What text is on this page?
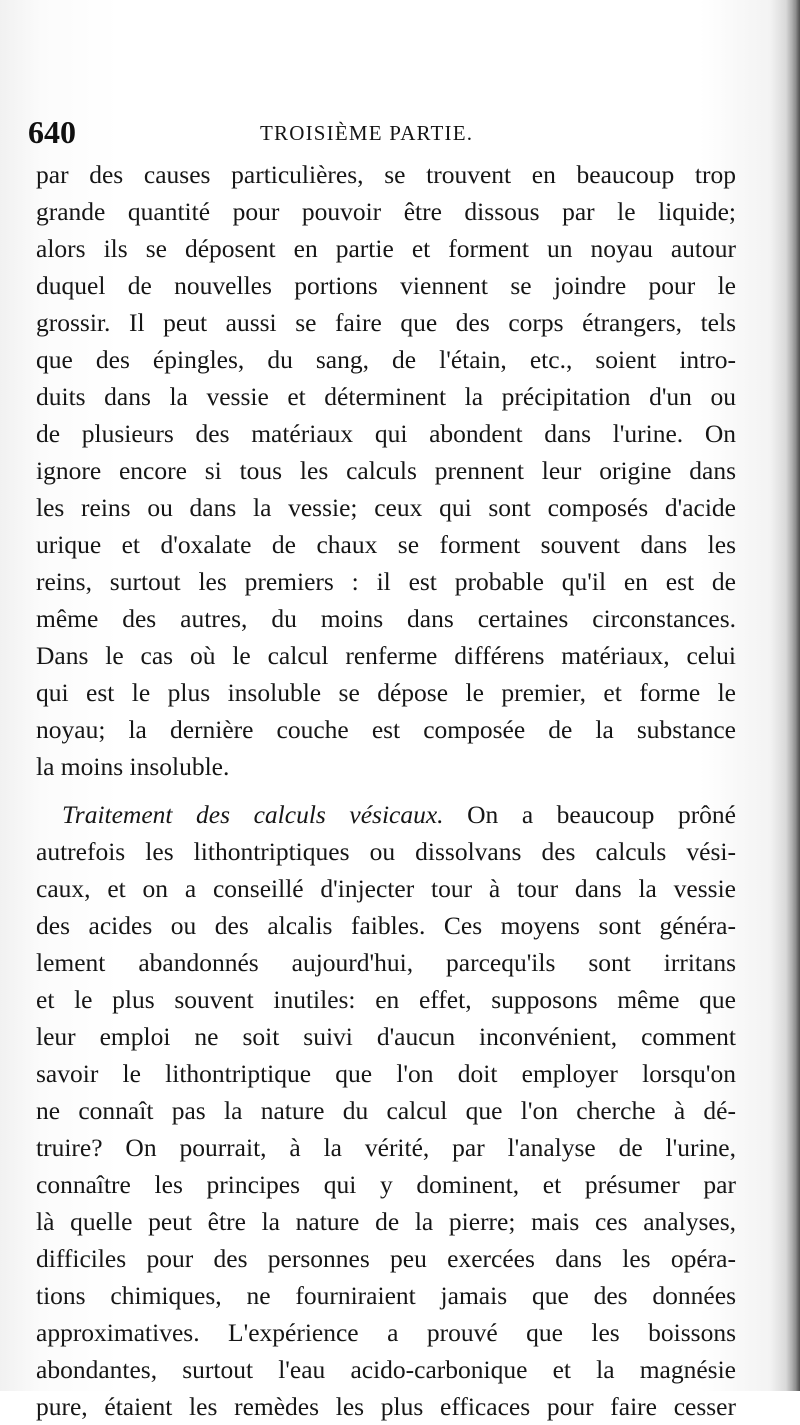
640	TROISIÈME PARTIE.
par des causes particulières, se trouvent en beaucoup trop
grande quantité pour pouvoir être dissous par le liquide;
alors ils se déposent en partie et forment un noyau autour
duquel de nouvelles portions viennent se joindre pour le
grossir. Il peut aussi se faire que des corps étrangers, tels
que des épingles, du sang, de l'étain, etc., soient intro-
duits dans la vessie et déterminent la précipitation d'un ou
de plusieurs des matériaux qui abondent dans l'urine. On
ignore encore si tous les calculs prennent leur origine dans
les reins ou dans la vessie; ceux qui sont composés d'acide
urique et d'oxalate de chaux se forment souvent dans les
reins, surtout les premiers : il est probable qu'il en est de
même des autres, du moins dans certaines circonstances.
Dans le cas où le calcul renferme différens matériaux, celui
qui est le plus insoluble se dépose le premier, et forme le
noyau; la dernière couche est composée de la substance
la moins insoluble.
Traitement des calculs vésicaux. On a beaucoup prôné
autrefois les lithontriptiques ou dissolvans des calculs vési-
caux, et on a conseillé d'injecter tour à tour dans la vessie
des acides ou des alcalis faibles. Ces moyens sont généra-
lement abandonnés aujourd'hui, parcequ'ils sont irritans
et le plus souvent inutiles: en effet, supposons même que
leur emploi ne soit suivi d'aucun inconvénient, comment
savoir le lithontriptique que l'on doit employer lorsqu'on
ne connaît pas la nature du calcul que l'on cherche à dé-
truire? On pourrait, à la vérité, par l'analyse de l'urine,
connaître les principes qui y dominent, et présumer par
là quelle peut être la nature de la pierre; mais ces analyses,
difficiles pour des personnes peu exercées dans les opéra-
tions chimiques, ne fourniraient jamais que des données
approximatives. L'expérience a prouvé que les boissons
abondantes, surtout l'eau acido-carbonique et la magnésie
pure, étaient les remèdes les plus efficaces pour faire cesser
